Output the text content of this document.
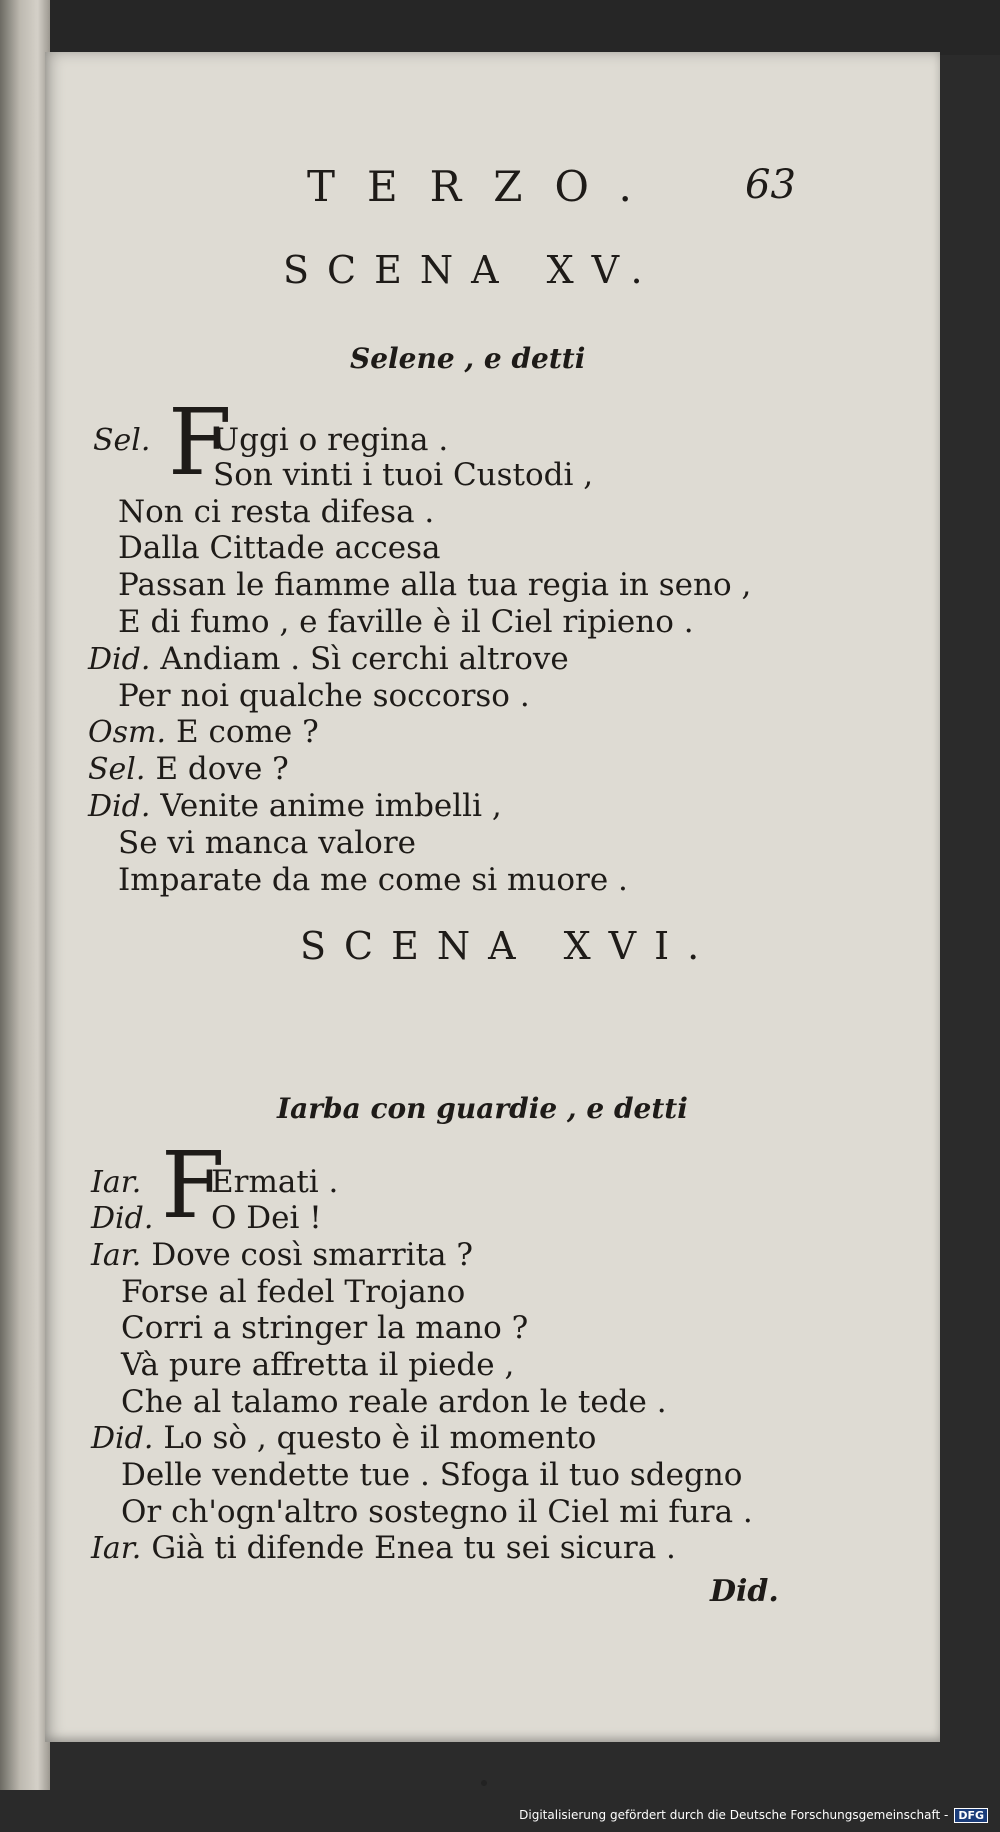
TERZO. 63
SCENA XV.
Selene , e detti
F
Sel. Uggi o regina .
Son vinti i tuoi Custodi ,
Non ci resta difesa .
Dalla Cittade accesa
Passan le fiamme alla tua regia in seno ,
E di fumo , e faville è il Ciel ripieno .
Did. Andiam . Sì cerchi altrove
Per noi qualche soccorso .
Osm. E come ?
Sel. E dove ?
Did. Venite anime imbelli ,
Se vi manca valore
Imparate da me come si muore .
SCENA XVI.
Iarba con guardie , e detti
F
Iar. Ermati .
Did. O Dei !
Iar. Dove così smarrita ?
Forse al fedel Trojano
Corri a stringer la mano ?
Và pure affretta il piede ,
Che al talamo reale ardon le tede .
Did. Lo sò , questo è il momento
Delle vendette tue . Sfoga il tuo sdegno
Or ch'ogn'altro sostegno il Ciel mi fura .
Iar. Già ti difende Enea tu sei sicura .
Did.
Digitalisierung gefördert durch die Deutsche Forschungsgemeinschaft - DFG
